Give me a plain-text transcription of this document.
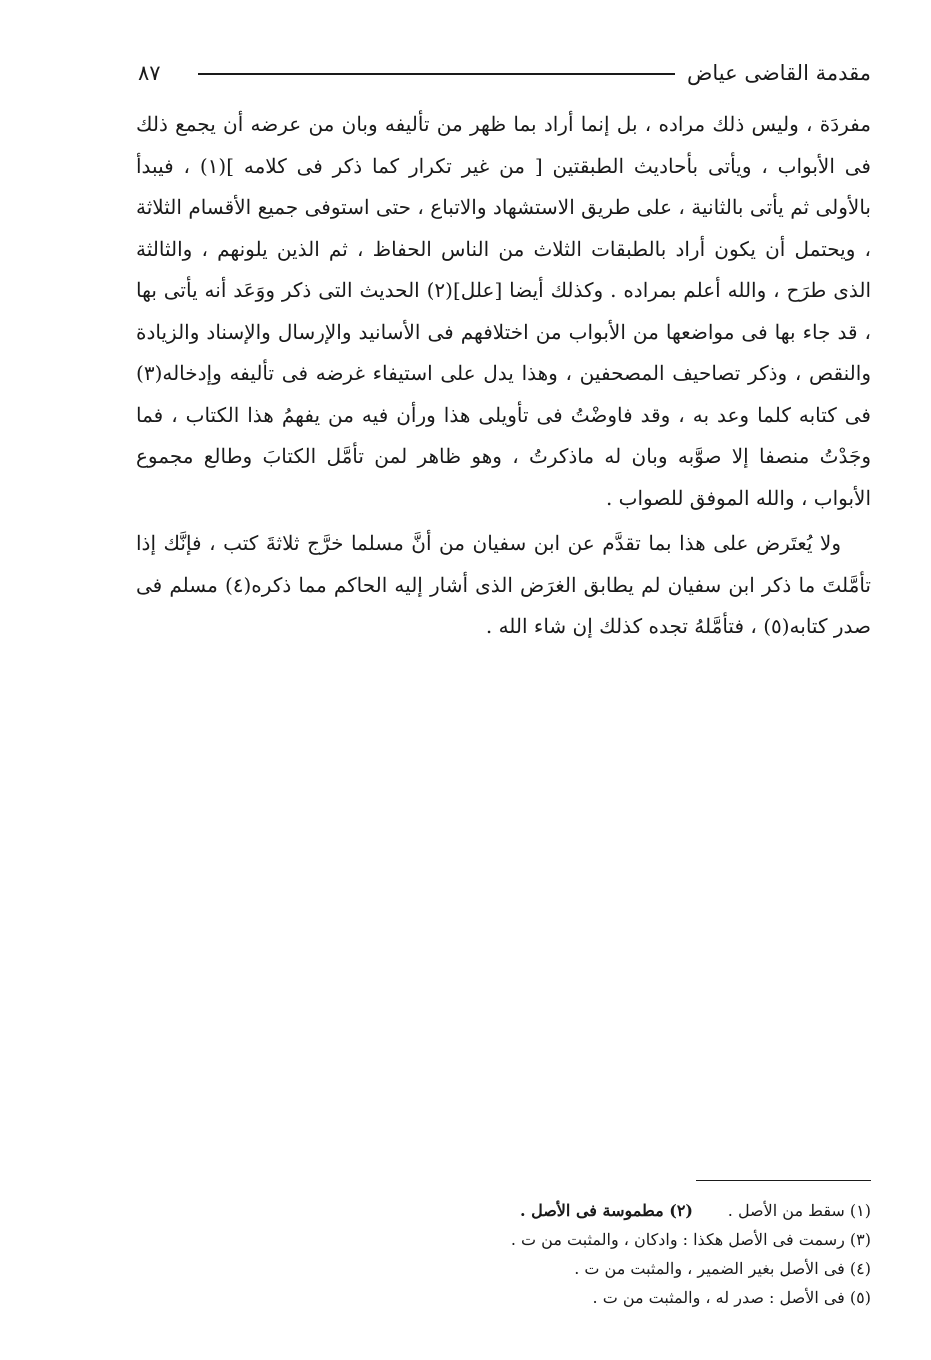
مقدمة القاضى عياض
٨٧

مفردَة ، وليس ذلك مراده ، بل إنما أراد بما ظهر من تأليفه وبان من عرضه أن يجمع ذلك فى الأبواب ، ويأتى بأحاديث الطبقتين [ من غير تكرار كما ذكر فى كلامه ](١) ، فيبدأ بالأولى ثم يأتى بالثانية ، على طريق الاستشهاد والاتباع ، حتى استوفى جميع الأقسام الثلاثة ، ويحتمل أن يكون أراد بالطبقات الثلاث من الناس الحفاظ ، ثم الذين يلونهم ، والثالثة الذى طرَح ، والله أعلم بمراده . وكذلك أيضا [علل](٢) الحديث التى ذكر ووَعَد أنه يأتى بها ، قد جاء بها فى مواضعها من الأبواب من اختلافهم فى الأسانيد والإرسال والإسناد والزيادة والنقص ، وذكر تصاحيف المصحفين ، وهذا يدل على استيفاء غرضه فى تأليفه وإدخاله(٣) فى كتابه كلما وعد به ، وقد فاوضْتُ فى تأويلى هذا ورأن فيه من يفهمُ هذا الكتاب ، فما وجَدْتُ منصفا إلا صوَّبه وبان له ماذكرتُ ، وهو ظاهر لمن تأمَّل الكتابَ وطالع مجموع الأبواب ، والله الموفق للصواب .

ولا يُعتَرض على هذا بما تقدَّم عن ابن سفيان من أنَّ مسلما خرَّج ثلاثةَ كتب ، فإنَّك إذا تأمَّلتَ ما ذكر ابن سفيان لم يطابق الغرَض الذى أشار إليه الحاكم مما ذكره(٤) مسلم فى صدر كتابه(٥) ، فتأمَّلهُ تجده كذلك إن شاء الله .

(١) سقط من الأصل .
(٢) مطموسة فى الأصل .
(٣) رسمت فى الأصل هكذا : وادكان ، والمثبت من ت .
(٤) فى الأصل بغير الضمير ، والمثبت من ت .
(٥) فى الأصل : صدر له ، والمثبت من ت .
